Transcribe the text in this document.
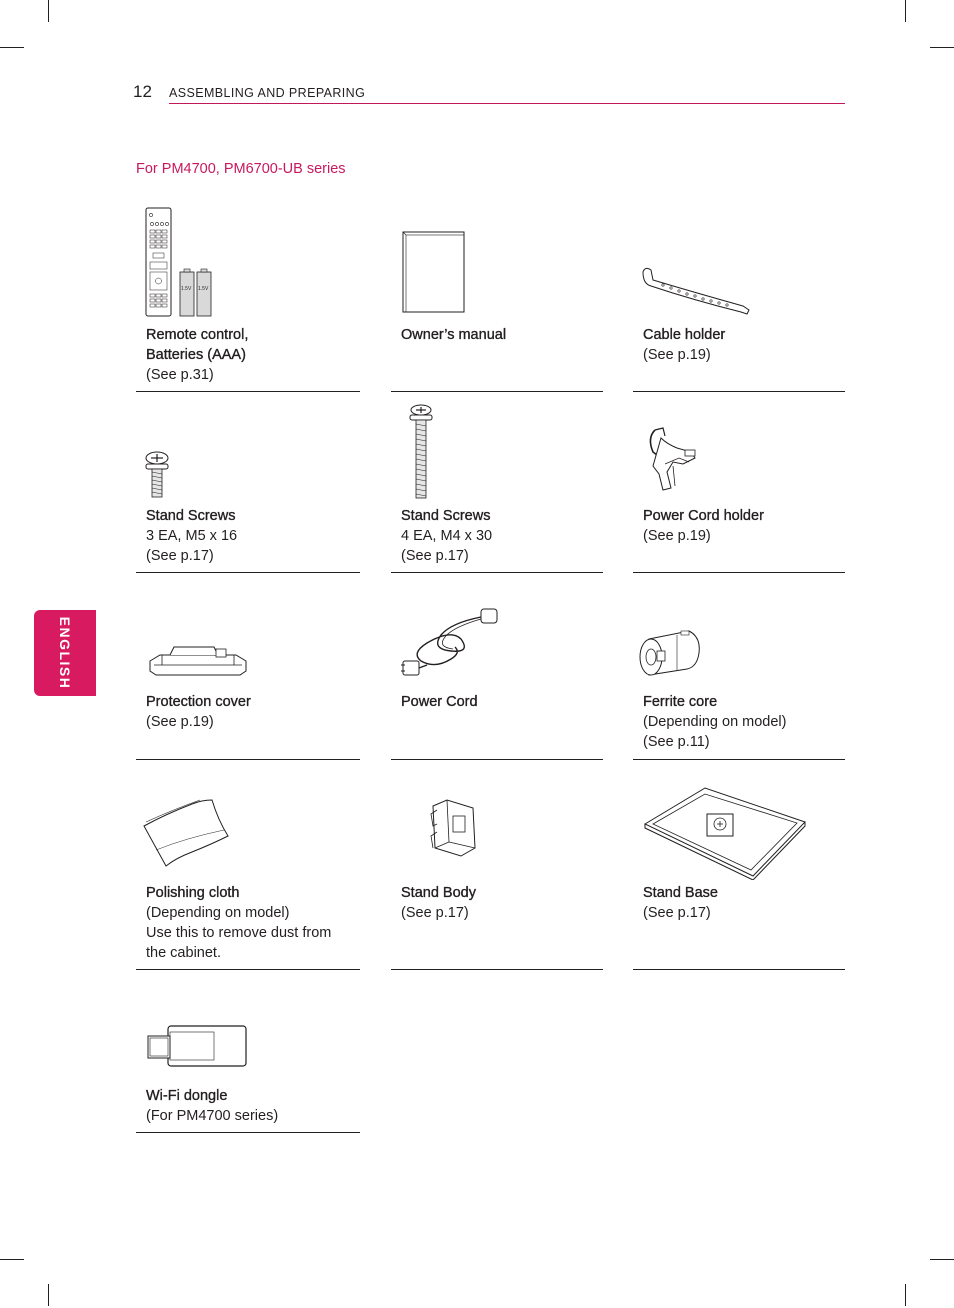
12 ASSEMBLING AND PREPARING
For PM4700, PM6700-UB series
ENGLISH
1.5V 1.5V
Remote control,
Batteries (AAA)
(See p.31)
Owner’s manual	Cable holder
(See p.19)
Stand Screws
3 EA, M5 x 16
(See p.17)
Stand Screws
4 EA, M4 x 30
(See p.17)
Power Cord holder
(See p.19)
Protection cover
(See p.19)
Power Cord	Ferrite core
(Depending on model)
(See p.11)
Polishing cloth
(Depending on model)
Use this to remove dust from
the cabinet.
Stand Body
(See p.17)
Stand Base
(See p.17)
Wi-Fi dongle
(For PM4700 series)
